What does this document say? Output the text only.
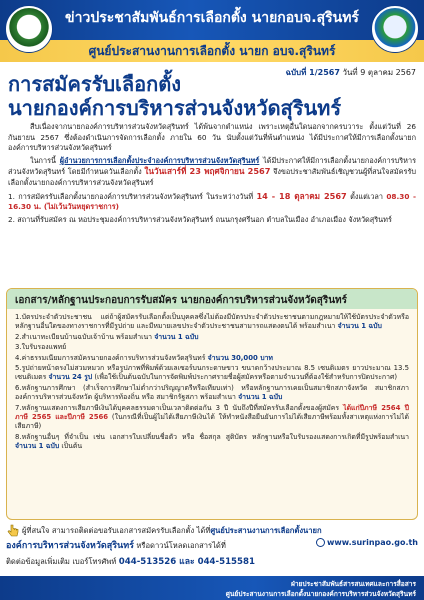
ข่าวประชาสัมพันธ์การเลือกตั้ง นายกอบจ.สุรินทร์
ศูนย์ประสานงานการเลือกตั้ง นายก อบจ.สุรินทร์
ฉบับที่ 1/2567 วันที่ 9 ตุลาคม 2567
การสมัครรับเลือกตั้ง
นายกองค์การบริหารส่วนจังหวัดสุรินทร์

สืบเนื่องจากนายกองค์การบริหารส่วนจังหวัดสุรินทร์ ได้พ้นจากตำแหน่ง เพราะเหตุอื่นใดนอกจากครบวาระ ตั้งแต่วันที่ 26 กันยายน 2567 ซึ่งต้องดำเนินการจัดการเลือกตั้ง ภายใน 60 วัน นับตั้งแต่วันที่พ้นตำแหน่ง ได้มีประกาศให้มีการเลือกตั้งนายกองค์การบริหารส่วนจังหวัดสุรินทร์

ในการนี้ ผู้อำนวยการการเลือกตั้งประจำองค์การบริหารส่วนจังหวัดสุรินทร์ ได้มีประกาศให้มีการเลือกตั้งนายกองค์การบริหารส่วนจังหวัดสุรินทร์ โดยมีกำหนดวันเลือกตั้ง ในวันเสาร์ที่ 23 พฤศจิกายน 2567 จึงขอประชาสัมพันธ์เชิญชวนผู้ที่สนใจสมัครรับเลือกตั้งนายกองค์การบริหารส่วนจังหวัดสุรินทร์

1. การสมัครรับเลือกตั้งนายกองค์การบริหารส่วนจังหวัดสุรินทร์ ในระหว่างวันที่ 14 - 18 ตุลาคม 2567 ตั้งแต่เวลา 08.30 - 16.30 น. (ไม่เว้นวันหยุดราชการ)

2. สถานที่รับสมัคร ณ หอประชุมองค์การบริหารส่วนจังหวัดสุรินทร์ ถนนกรุงศรีนอก ตำบลในเมือง อำเภอเมือง จังหวัดสุรินทร์

เอกสาร/หลักฐานประกอบการรับสมัคร นายกองค์การบริหารส่วนจังหวัดสุรินทร์
1.บัตรประจำตัวประชาชน แต่ถ้าผู้สมัครรับเลือกตั้งเป็นบุคคลซึ่งไม่ต้องมีบัตรประจำตัวประชาชนตามกฎหมายให้ใช้บัตรประจำตัวหรือหลักฐานอื่นใดของทางราชการที่มีรูปถ่าย และมีหมายเลขประจำตัวประชาชนสามารถแสดงตนได้ พร้อมสำเนา จำนวน 1 ฉบับ
2.สำเนาทะเบียนบ้านฉบับเจ้าบ้าน พร้อมสำเนา จำนวน 1 ฉบับ
3.ใบรับรองแพทย์
4.ค่าธรรมเนียมการสมัครนายกองค์การบริหารส่วนจังหวัดสุรินทร์ จำนวน 30,000 บาท
5.รูปถ่ายหน้าตรงไม่สวมหมวก หรือรูปภาพที่พิมพ์ด้วยเลเซอร์บนกระดาษขาว ขนาดกว้างประมาณ 8.5 เซนติเมตร ยาวประมาณ 13.5 เซนติเมตร จำนวน 24 รูป (เพื่อใช้เป็นต้นฉบับในการจัดพิมพ์ประกาศรายชื่อผู้สมัครหรือตามจำนวนที่ต้องใช้สำหรับการปิดประกาศ)
6.หลักฐานการศึกษา (สำเร็จการศึกษาไม่ต่ำกว่าปริญญาตรีหรือเทียบเท่า) หรือหลักฐานการเคยเป็นสมาชิกสภาจังหวัด สมาชิกสภาองค์การบริหารส่วนจังหวัด ผู้บริหารท้องถิ่น หรือ สมาชิกรัฐสภา พร้อมสำเนา จำนวน 1 ฉบับ
7.หลักฐานแสดงการเสียภาษีเงินได้บุคคลธรรมดาเป็นเวลาติดต่อกัน 3 ปี นับถึงปีที่สมัครรับเลือกตั้งของผู้สมัคร ได้แก่ปีภาษี 2564 ปีภาษี 2565 และปีภาษี 2566 (ในกรณีที่เป็นผู้ไม่ได้เสียภาษีเงินได้ ให้ทำหนังสือยืนยันการไม่ได้เสียภาษีพร้อมทั้งสาเหตุแห่งการไม่ได้เสียภาษี)
8.หลักฐานอื่นๆ ที่จำเป็น เช่น เอกสารใบเปลี่ยนชื่อตัว หรือ ชื่อสกุล สูติบัตร หลักฐานหรือใบรับรองแสดงการเกิดที่มีรูปพร้อมสำเนา จำนวน 1 ฉบับ เป็นต้น
ผู้ที่สนใจ สามารถติดต่อขอรับเอกสารสมัครรับเลือกตั้ง ได้ที่ศูนย์ประสานงานการเลือกตั้งนายก
องค์การบริหารส่วนจังหวัดสุรินทร์ หรือดาวน์โหลดเอกสารได้ที่	www.surinpao.go.th
ติดต่อข้อมูลเพิ่มเติม เบอร์โทรศัพท์ 044-513526 และ 044-515581
ฝ่ายประชาสัมพันธ์สารสนเทศและการสื่อสาร
ศูนย์ประสานงานการเลือกตั้งนายกองค์การบริหารส่วนจังหวัดสุรินทร์
